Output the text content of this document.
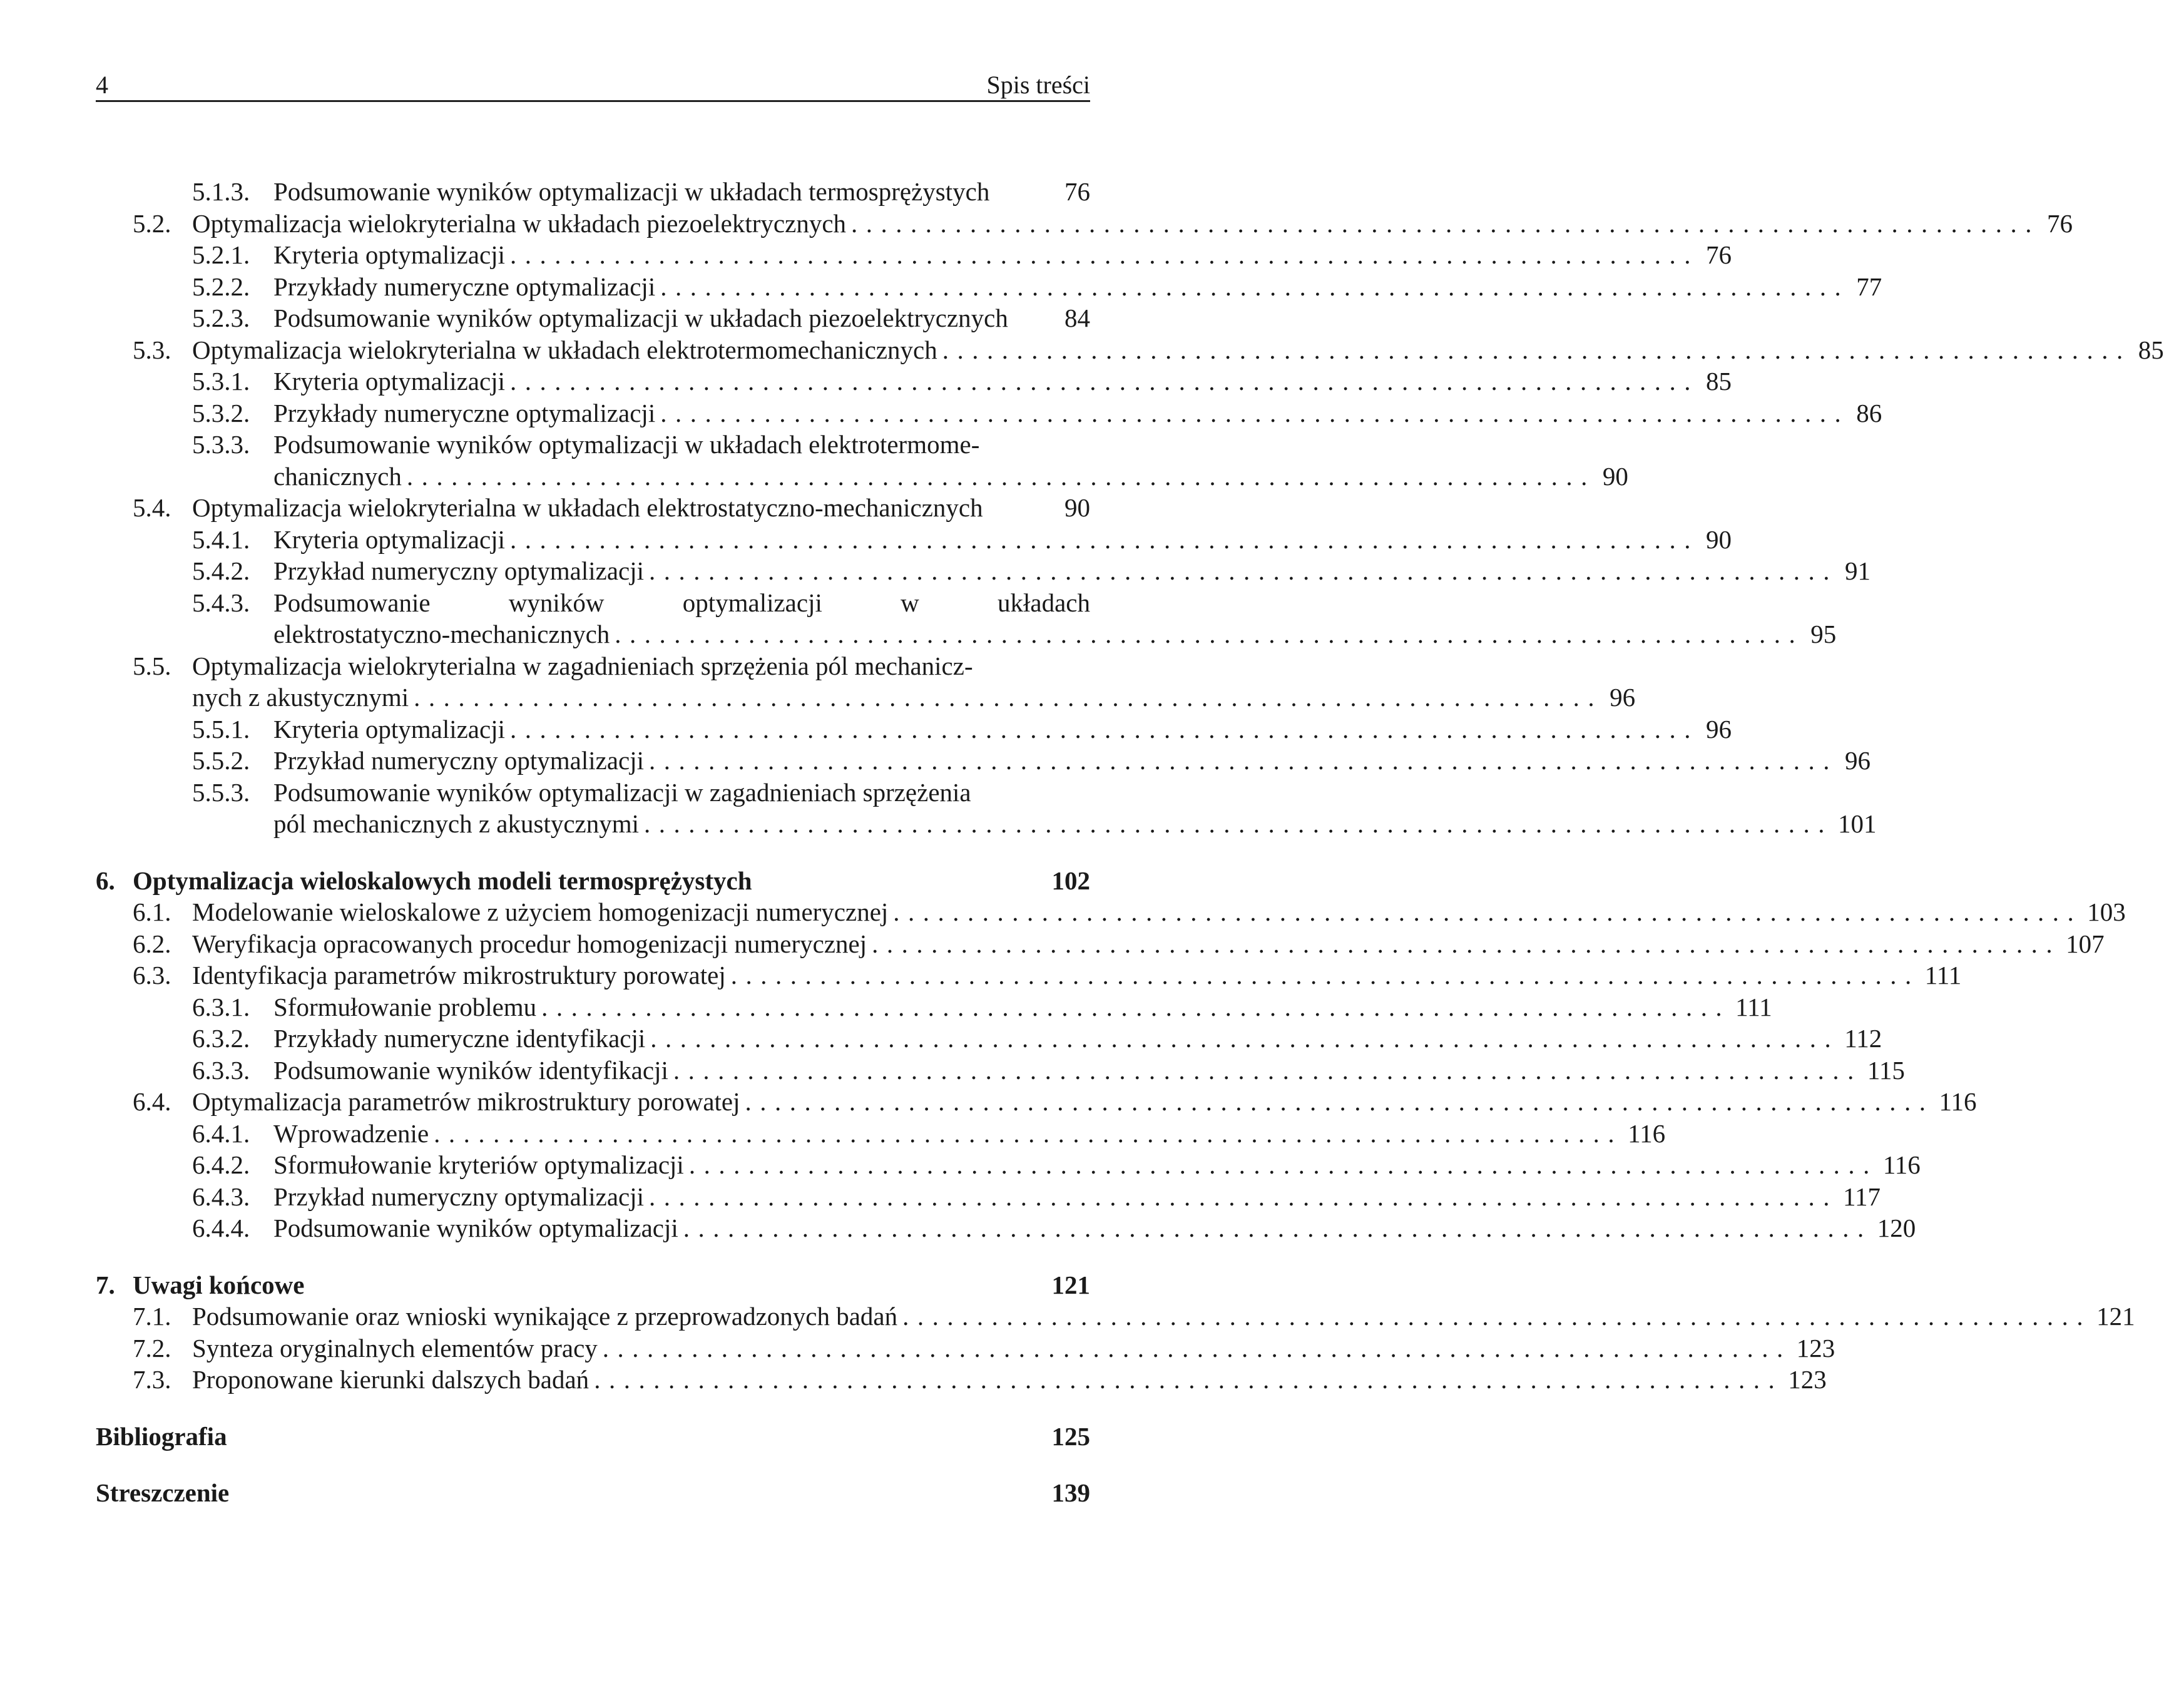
4	Spis treści
5.1.3. Podsumowanie wyników optymalizacji w układach termosprężystych	76
5.2. Optymalizacja wielokryterialna w układach piezoelektrycznych ................................................................................ 76
5.2.1. Kryteria optymalizacji ................................................................................ 76
5.2.2. Przykłady numeryczne optymalizacji ................................................................................ 77
5.2.3. Podsumowanie wyników optymalizacji w układach piezoelektrycznych 84
5.3. Optymalizacja wielokryterialna w układach elektrotermomechanicznych ................................................................................ 85
5.3.1. Kryteria optymalizacji ................................................................................ 85
5.3.2. Przykłady numeryczne optymalizacji ................................................................................ 86
5.3.3. Podsumowanie wyników optymalizacji w układach elektrotermome-
chanicznych ................................................................................ 90
5.4. Optymalizacja wielokryterialna w układach elektrostatyczno-mechanicznych	90
5.4.1. Kryteria optymalizacji ................................................................................ 90
5.4.2. Przykład numeryczny optymalizacji ................................................................................ 91
5.4.3. Podsumowanie wyników optymalizacji w układach
elektrostatyczno-mechanicznych ................................................................................ 95
5.5. Optymalizacja wielokryterialna w zagadnieniach sprzężenia pól mechanicz-
nych z akustycznymi ................................................................................ 96
5.5.1. Kryteria optymalizacji ................................................................................ 96
5.5.2. Przykład numeryczny optymalizacji ................................................................................ 96
5.5.3. Podsumowanie wyników optymalizacji w zagadnieniach sprzężenia
pól mechanicznych z akustycznymi ................................................................................ 101
6. Optymalizacja wieloskalowych modeli termosprężystych	102
6.1. Modelowanie wieloskalowe z użyciem homogenizacji numerycznej ................................................................................ 103
6.2. Weryfikacja opracowanych procedur homogenizacji numerycznej ................................................................................ 107
6.3. Identyfikacja parametrów mikrostruktury porowatej ................................................................................ 111
6.3.1. Sformułowanie problemu ................................................................................ 111
6.3.2. Przykłady numeryczne identyfikacji ................................................................................ 112
6.3.3. Podsumowanie wyników identyfikacji ................................................................................ 115
6.4. Optymalizacja parametrów mikrostruktury porowatej ................................................................................ 116
6.4.1. Wprowadzenie ................................................................................ 116
6.4.2. Sformułowanie kryteriów optymalizacji ................................................................................ 116
6.4.3. Przykład numeryczny optymalizacji ................................................................................ 117
6.4.4. Podsumowanie wyników optymalizacji ................................................................................ 120
7. Uwagi końcowe	121
7.1. Podsumowanie oraz wnioski wynikające z przeprowadzonych badań ................................................................................ 121
7.2. Synteza oryginalnych elementów pracy ................................................................................ 123
7.3. Proponowane kierunki dalszych badań ................................................................................ 123
Bibliografia	125
Streszczenie	139
